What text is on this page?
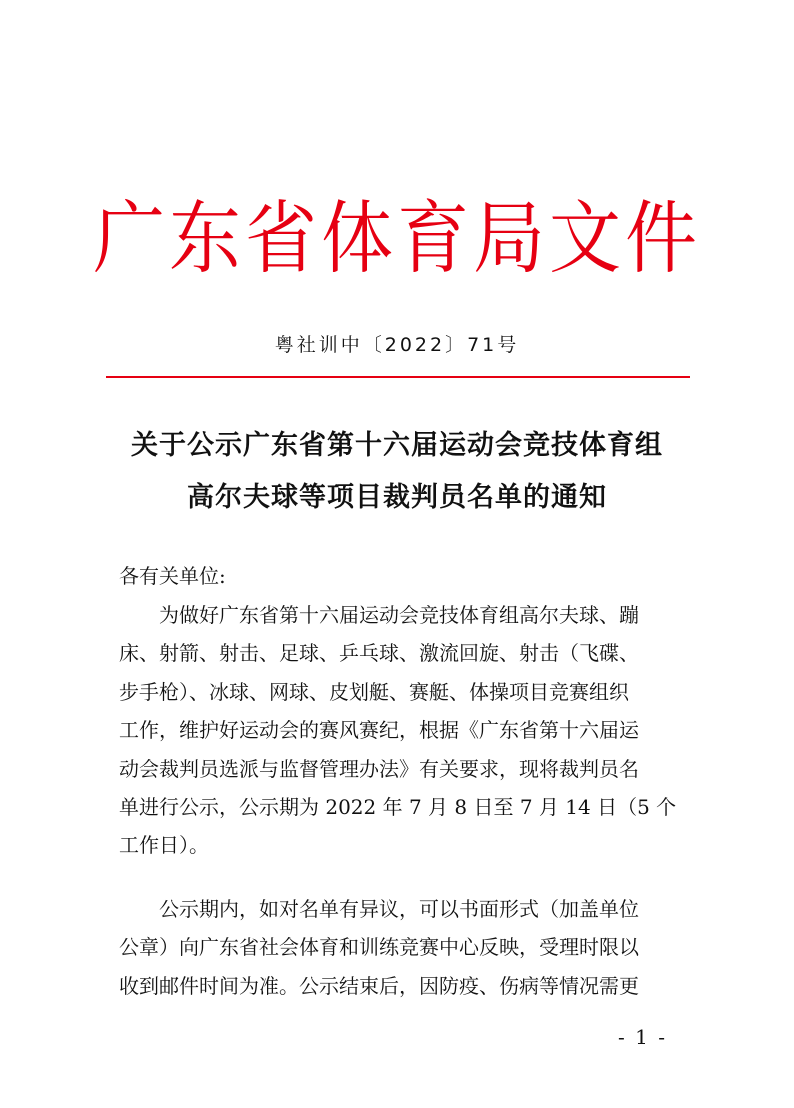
广东省体育局文件
粤社训中〔2022〕71号
关于公示广东省第十六届运动会竞技体育组
高尔夫球等项目裁判员名单的通知
各有关单位:
　　为做好广东省第十六届运动会竞技体育组高尔夫球、蹦
床、射箭、射击、足球、乒乓球、激流回旋、射击（飞碟、
步手枪）、冰球、网球、皮划艇、赛艇、体操项目竞赛组织
工作，维护好运动会的赛风赛纪，根据《广东省第十六届运
动会裁判员选派与监督管理办法》有关要求，现将裁判员名
单进行公示，公示期为 2022 年 7 月 8 日至 7 月 14 日（5 个
工作日）。
　　公示期内，如对名单有异议，可以书面形式（加盖单位
公章）向广东省社会体育和训练竞赛中心反映，受理时限以
收到邮件时间为准。公示结束后，因防疫、伤病等情况需更
- 1 -
